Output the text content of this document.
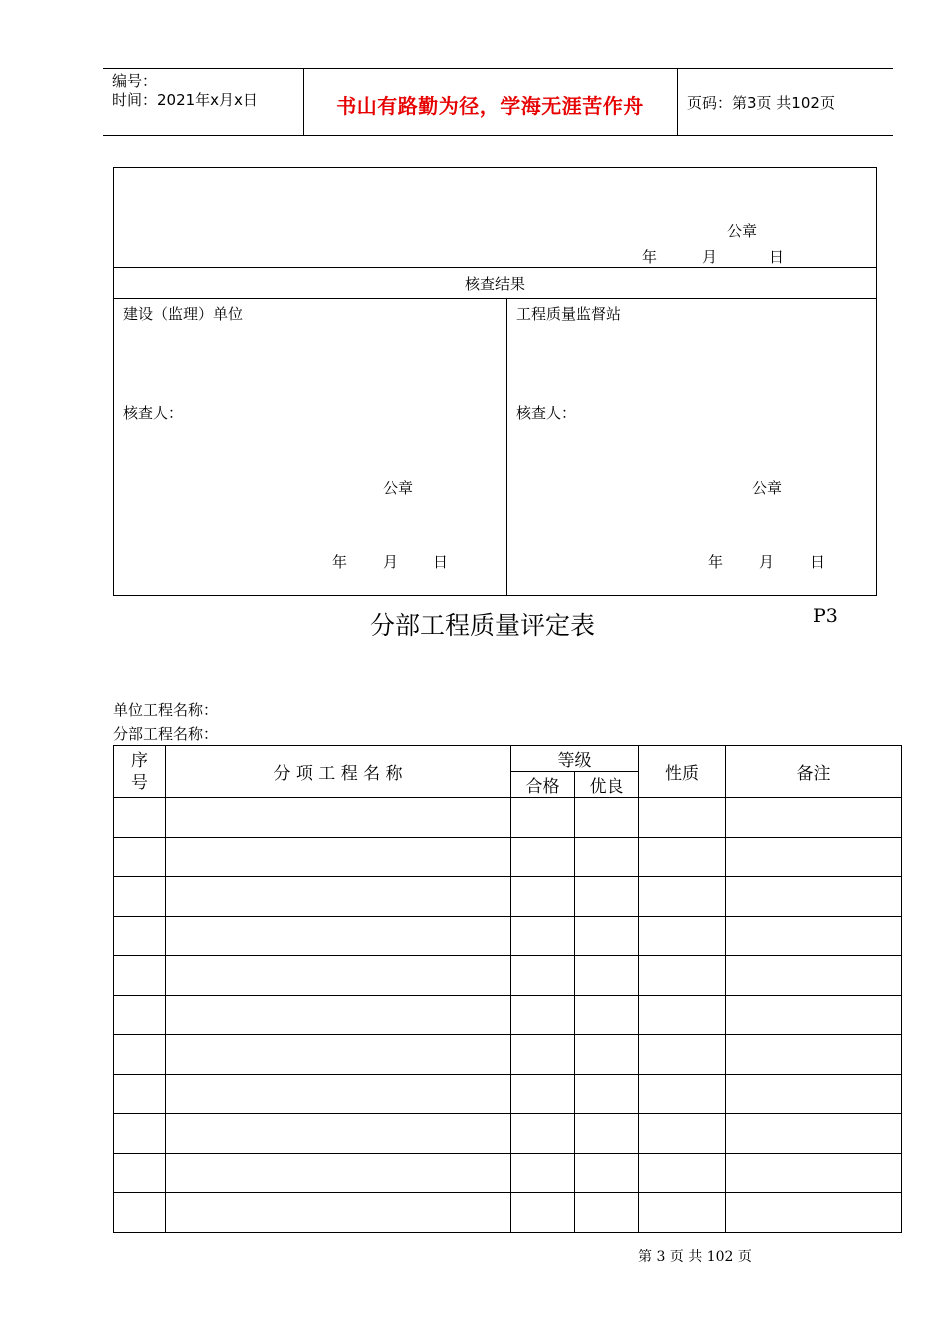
编号：
时间：2021年x月x日	书山有路勤为径，学海无涯苦作舟	页码：第3页 共102页
公章
年	月	日
核查结果
建设（监理）单位
核查人：
公章
年 月 日
工程质量监督站
核查人：
公章
年 月 日
分部工程质量评定表	P3
单位工程名称：
分部工程名称：
序
号	分 项 工 程 名 称	等级		性质	备注
		合格	优良		

第 3 页 共 102 页
